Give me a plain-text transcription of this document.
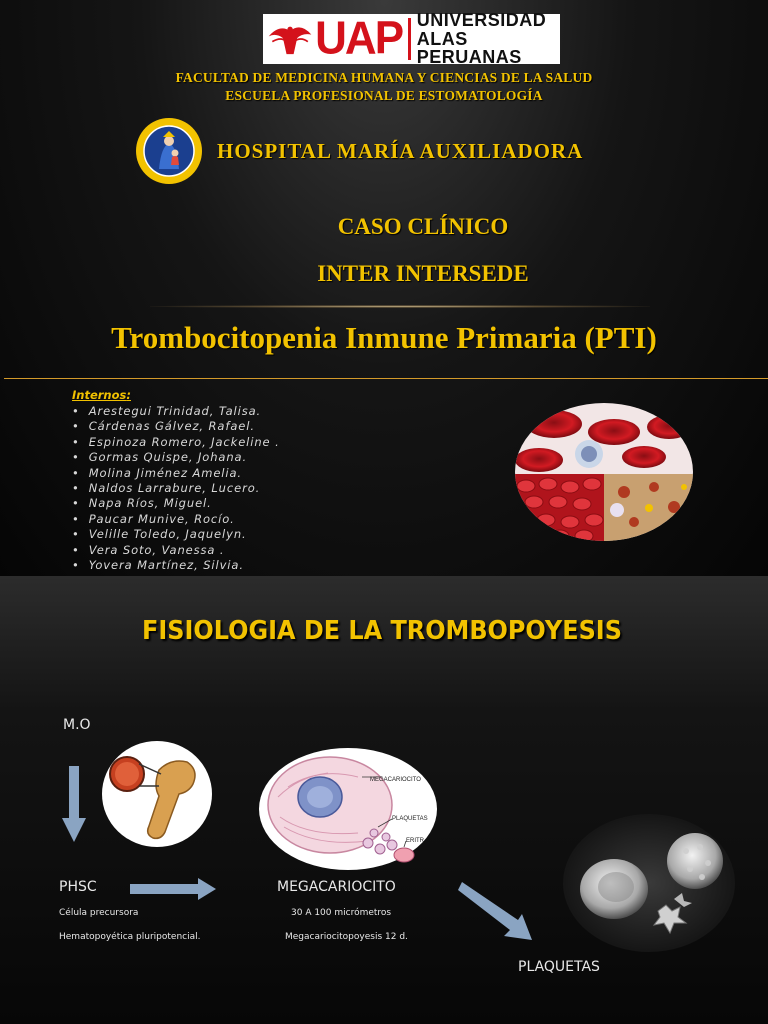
UAP UNIVERSIDAD
ALAS PERUANAS
FACULTAD DE MEDICINA HUMANA Y CIENCIAS DE LA SALUD
ESCUELA PROFESIONAL DE ESTOMATOLOGÍA
HOSPITAL MARÍA AUXILIADORA
CASO CLÍNICO
INTER INTERSEDE
Trombocitopenia Inmune Primaria (PTI)
Internos:
• Arestegui Trinidad, Talisa.
• Cárdenas Gálvez, Rafael.
• Espinoza Romero, Jackeline .
• Gormas Quispe, Johana.
• Molina Jiménez Amelia.
• Naldos Larrabure, Lucero.
• Napa Ríos, Miguel.
• Paucar Munive, Rocío.
• Velille Toledo, Jaquelyn.
• Vera Soto, Vanessa .
• Yovera Martínez, Silvia.
FISIOLOGIA DE LA TROMBOPOYESIS
M.O
MEGACARIOCITO
PLAQUETAS
ERITR
PHSC
Célula precursora
Hematopoyética pluripotencial.
MEGACARIOCITO
30 A 100 micrómetros
Megacariocitopoyesis 12 d.
PLAQUETAS
